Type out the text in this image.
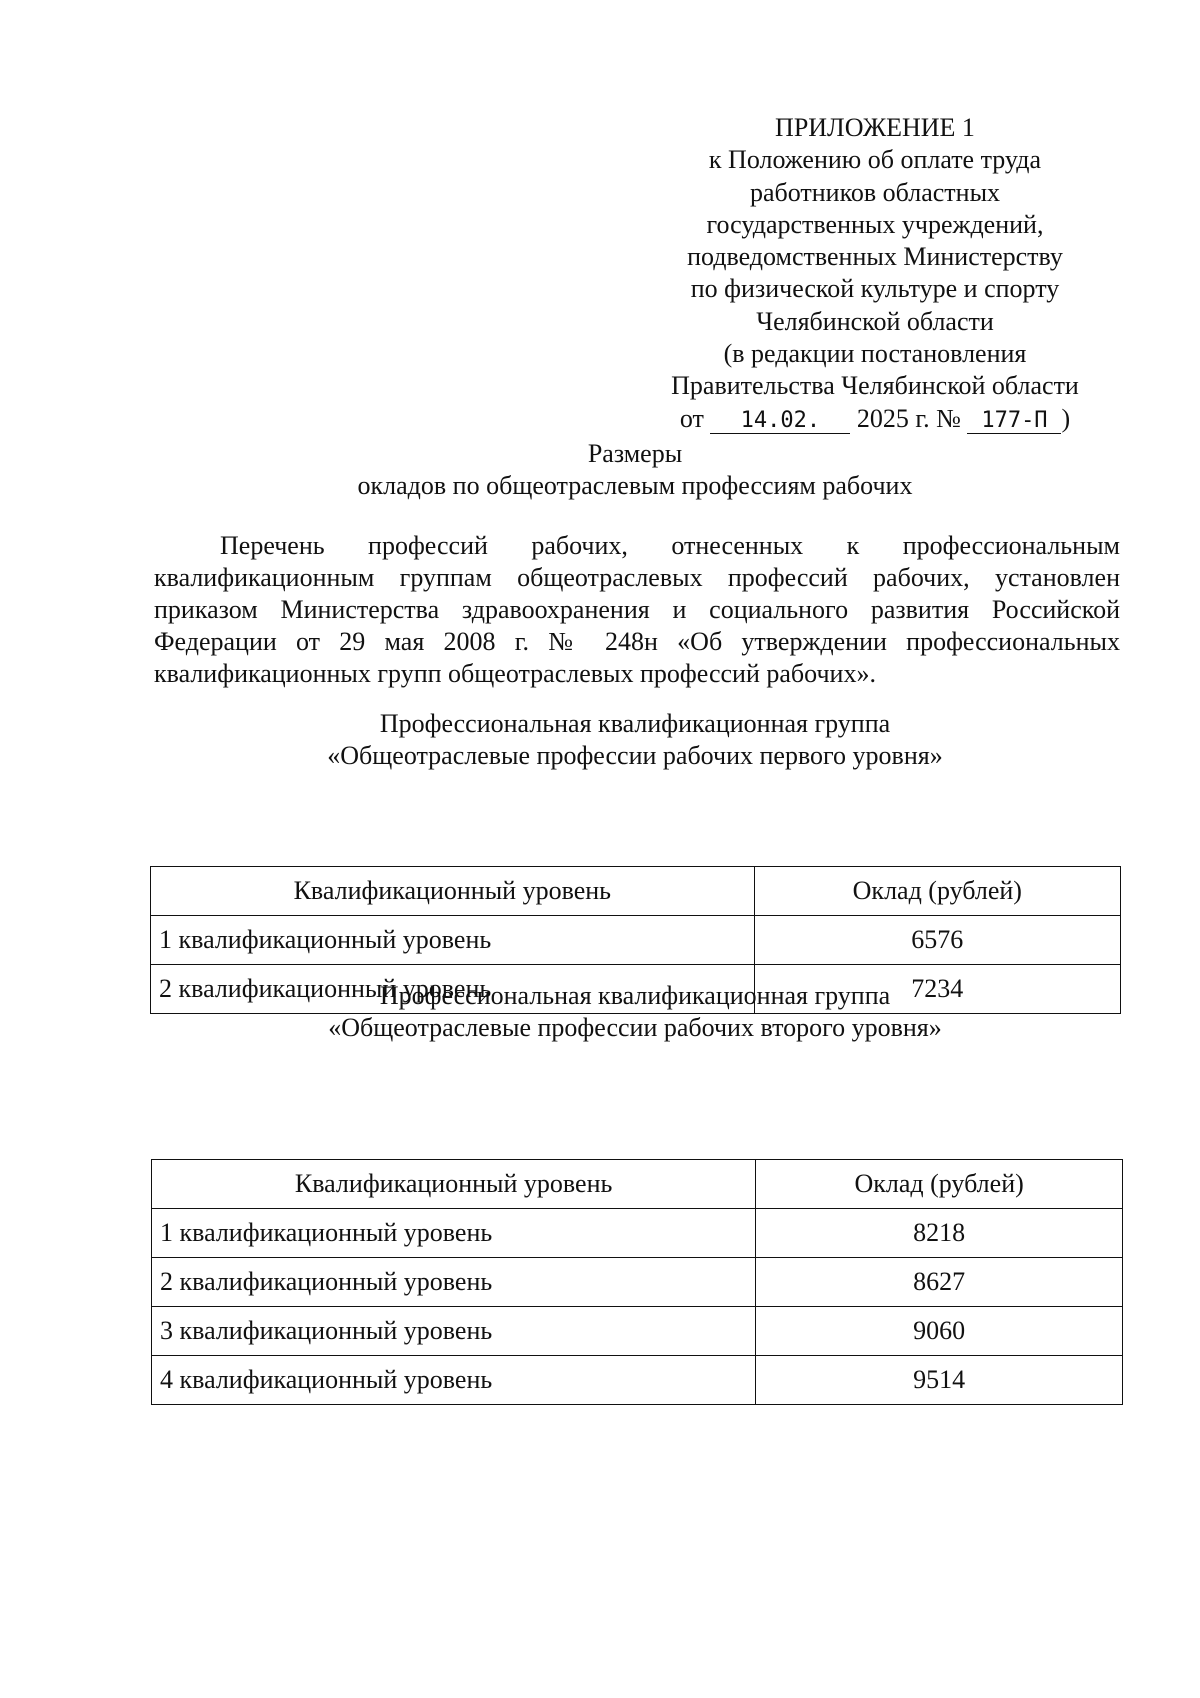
ПРИЛОЖЕНИЕ 1
к Положению об оплате труда
работников областных
государственных учреждений,
подведомственных Министерству
по физической культуре и спорту
Челябинской области
(в редакции постановления
Правительства Челябинской области
от 14.02. 2025 г. № 177-П )
Размеры
окладов по общеотраслевым профессиям рабочих

Перечень профессий рабочих, отнесенных к профессиональным квалификационным группам общеотраслевых профессий рабочих, установлен приказом Министерства здравоохранения и социального развития Российской Федерации от 29 мая 2008 г. № 248н «Об утверждении профессиональных квалификационных групп общеотраслевых профессий рабочих».

Профессиональная квалификационная группа
«Общеотраслевые профессии рабочих первого уровня»
Квалификационный уровень	Оклад (рублей)
1 квалификационный уровень	6576
2 квалификационный уровень	7234
Профессиональная квалификационная группа
«Общеотраслевые профессии рабочих второго уровня»
Квалификационный уровень	Оклад (рублей)
1 квалификационный уровень	8218
2 квалификационный уровень	8627
3 квалификационный уровень	9060
4 квалификационный уровень	9514
